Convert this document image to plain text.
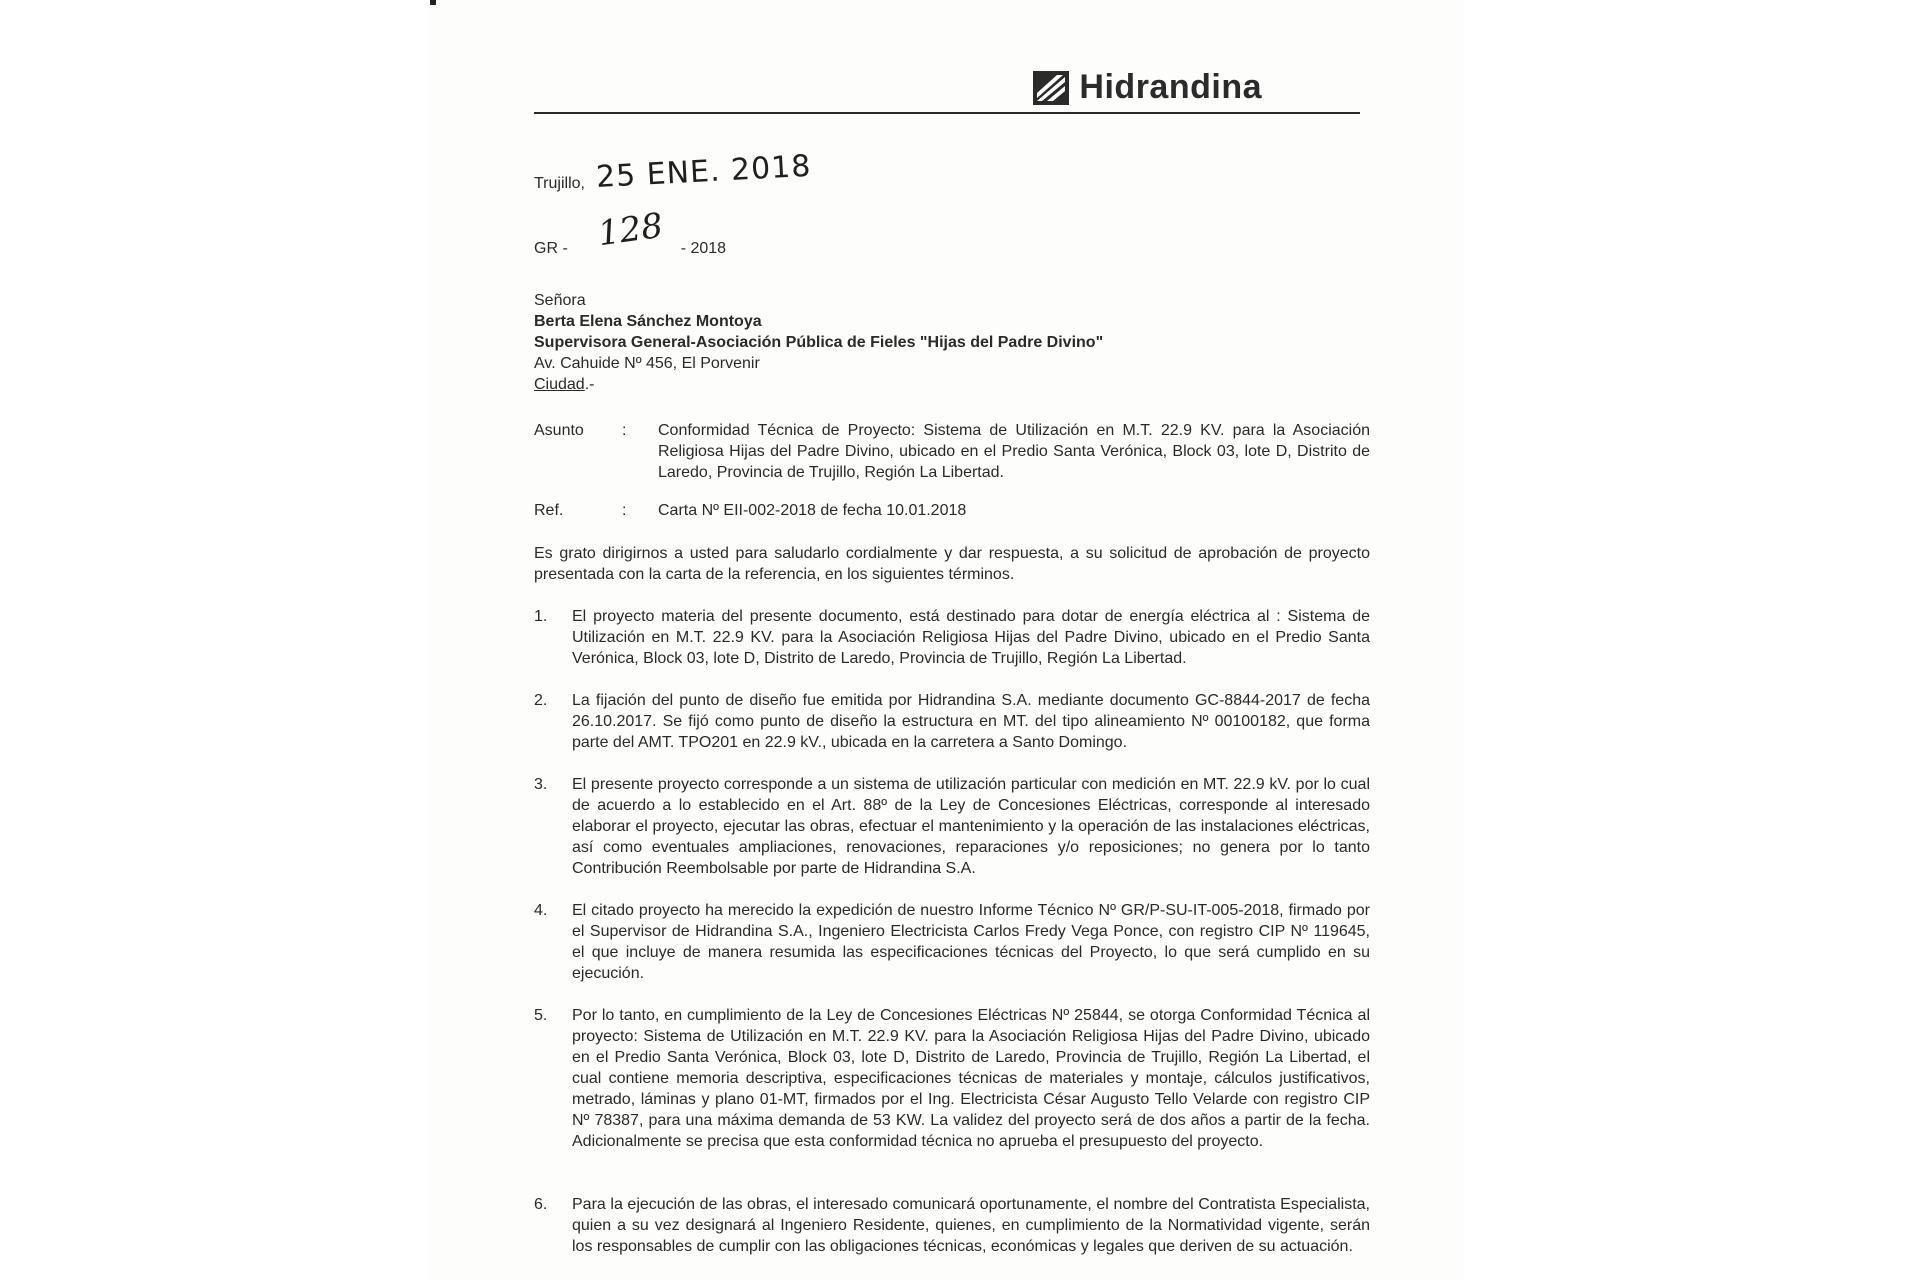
Hidrandina
Trujillo, 25 ENE. 2018
GR - 128 - 2018
Señora
Berta Elena Sánchez Montoya
Supervisora General-Asociación Pública de Fieles "Hijas del Padre Divino"
Av. Cahuide Nº 456, El Porvenir
Ciudad.-
Asunto	:	Conformidad Técnica de Proyecto: Sistema de Utilización en M.T. 22.9 KV. para la Asociación Religiosa Hijas del Padre Divino, ubicado en el Predio Santa Verónica, Block 03, lote D, Distrito de Laredo, Provincia de Trujillo, Región La Libertad.
Ref.	:	Carta Nº EII-002-2018 de fecha 10.01.2018

Es grato dirigirnos a usted para saludarlo cordialmente y dar respuesta, a su solicitud de aprobación de proyecto presentada con la carta de la referencia, en los siguientes términos.

1.	El proyecto materia del presente documento, está destinado para dotar de energía eléctrica al : Sistema de Utilización en M.T. 22.9 KV. para la Asociación Religiosa Hijas del Padre Divino, ubicado en el Predio Santa Verónica, Block 03, lote D, Distrito de Laredo, Provincia de Trujillo, Región La Libertad.
2.	La fijación del punto de diseño fue emitida por Hidrandina S.A. mediante documento GC-8844-2017 de fecha 26.10.2017. Se fijó como punto de diseño la estructura en MT. del tipo alineamiento Nº 00100182, que forma parte del AMT. TPO201 en 22.9 kV., ubicada en la carretera a Santo Domingo.
3.	El presente proyecto corresponde a un sistema de utilización particular con medición en MT. 22.9 kV. por lo cual de acuerdo a lo establecido en el Art. 88º de la Ley de Concesiones Eléctricas, corresponde al interesado elaborar el proyecto, ejecutar las obras, efectuar el mantenimiento y la operación de las instalaciones eléctricas, así como eventuales ampliaciones, renovaciones, reparaciones y/o reposiciones; no genera por lo tanto Contribución Reembolsable por parte de Hidrandina S.A.
4.	El citado proyecto ha merecido la expedición de nuestro Informe Técnico Nº GR/P-SU-IT-005-2018, firmado por el Supervisor de Hidrandina S.A., Ingeniero Electricista Carlos Fredy Vega Ponce, con registro CIP Nº 119645, el que incluye de manera resumida las especificaciones técnicas del Proyecto, lo que será cumplido en su ejecución.
5.	Por lo tanto, en cumplimiento de la Ley de Concesiones Eléctricas Nº 25844, se otorga Conformidad Técnica al proyecto: Sistema de Utilización en M.T. 22.9 KV. para la Asociación Religiosa Hijas del Padre Divino, ubicado en el Predio Santa Verónica, Block 03, lote D, Distrito de Laredo, Provincia de Trujillo, Región La Libertad, el cual contiene memoria descriptiva, especificaciones técnicas de materiales y montaje, cálculos justificativos, metrado, láminas y plano 01-MT, firmados por el Ing. Electricista César Augusto Tello Velarde con registro CIP Nº 78387, para una máxima demanda de 53 KW. La validez del proyecto será de dos años a partir de la fecha. Adicionalmente se precisa que esta conformidad técnica no aprueba el presupuesto del proyecto.
6.	Para la ejecución de las obras, el interesado comunicará oportunamente, el nombre del Contratista Especialista, quien a su vez designará al Ingeniero Residente, quienes, en cumplimiento de la Normatividad vigente, serán los responsables de cumplir con las obligaciones técnicas, económicas y legales que deriven de su actuación.
